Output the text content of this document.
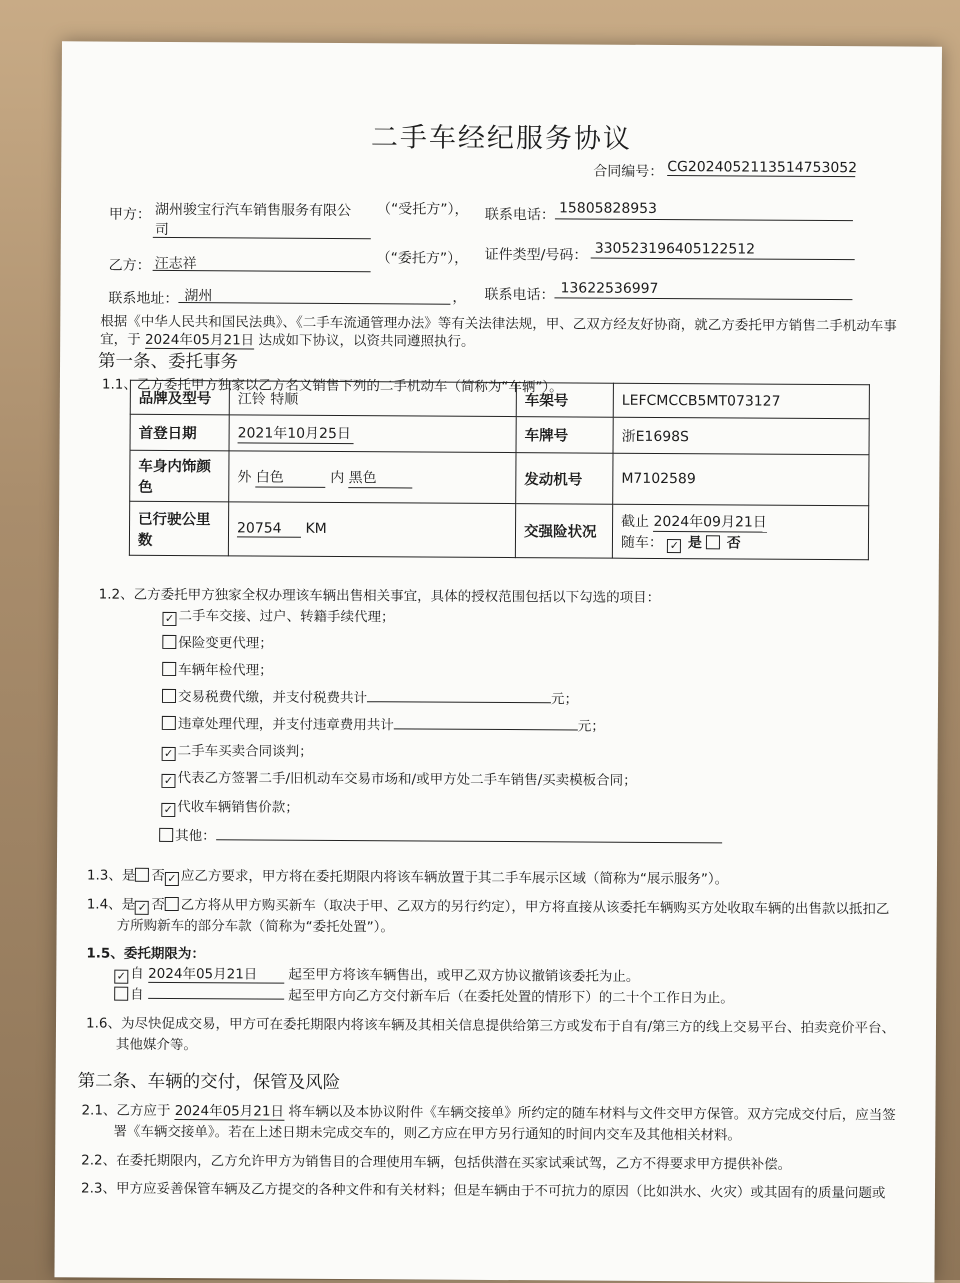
二手车经纪服务协议
合同编号： CG2024052113514753052
甲方： 湖州骏宝行汽车销售服务有限公
司
（“受托方”）， 联系电话： 15805828953
乙方： 汪志祥	（“委托方”）， 证件类型/号码： 330523196405122512
联系电话： 13622536997
联系地址： 湖州	，
根据《中华人民共和国民法典》、《二手车流通管理办法》等有关法律法规，甲、乙双方经友好协商，就乙方委托甲方销售二手机动车事
宜，于 2024年05月21日 达成如下协议，以资共同遵照执行。
第一条、委托事务
1.1、乙方委托甲方独家以乙方名义销售下列的二手机动车（简称为“车辆”）。
品牌及型号	江铃 特顺	车架号	LEFCMCCB5MT073127
首登日期	2021年10月25日	车牌号	浙E1698S
车身内饰颜色	外 白色 内 黑色	发动机号	M7102589
已行驶公里数	20754 KM	交强险状况	截止 2024年09月21日
随车： ✓ 是 否
1.2、乙方委托甲方独家全权办理该车辆出售相关事宜，具体的授权范围包括以下勾选的项目：
✓ 二手车交接、过户、转籍手续代理；
保险变更代理；
车辆年检代理；
交易税费代缴，并支付税费共计	元；
违章处理代理，并支付违章费用共计	元；
✓ 二手车买卖合同谈判；
✓ 代表乙方签署二手/旧机动车交易市场和/或甲方处二手车销售/买卖模板合同；
✓ 代收车辆销售价款；
其他：
1.3、是 否 ✓ 应乙方要求，甲方将在委托期限内将该车辆放置于其二手车展示区域（简称为“展示服务”）。
1.4、是 ✓ 否 乙方将从甲方购买新车（取决于甲、乙双方的另行约定），甲方将直接从该委托车辆购买方处收取车辆的出售款以抵扣乙
方所购新车的部分车款（简称为“委托处置”）。
1.5、委托期限为：
✓ 自 2024年05月21日 起至甲方将该车辆售出，或甲乙双方协议撤销该委托为止。
自	起至甲方向乙方交付新车后（在委托处置的情形下）的二十个工作日为止。
1.6、为尽快促成交易，甲方可在委托期限内将该车辆及其相关信息提供给第三方或发布于自有/第三方的线上交易平台、拍卖竞价平台、
其他媒介等。
第二条、车辆的交付，保管及风险
2.1、乙方应于 2024年05月21日 将车辆以及本协议附件《车辆交接单》所约定的随车材料与文件交甲方保管。双方完成交付后，应当签
署《车辆交接单》。若在上述日期未完成交车的，则乙方应在甲方另行通知的时间内交车及其他相关材料。
2.2、在委托期限内，乙方允许甲方为销售目的合理使用车辆，包括供潜在买家试乘试驾，乙方不得要求甲方提供补偿。
2.3、甲方应妥善保管车辆及乙方提交的各种文件和有关材料；但是车辆由于不可抗力的原因（比如洪水、火灾）或其固有的质量问题或
